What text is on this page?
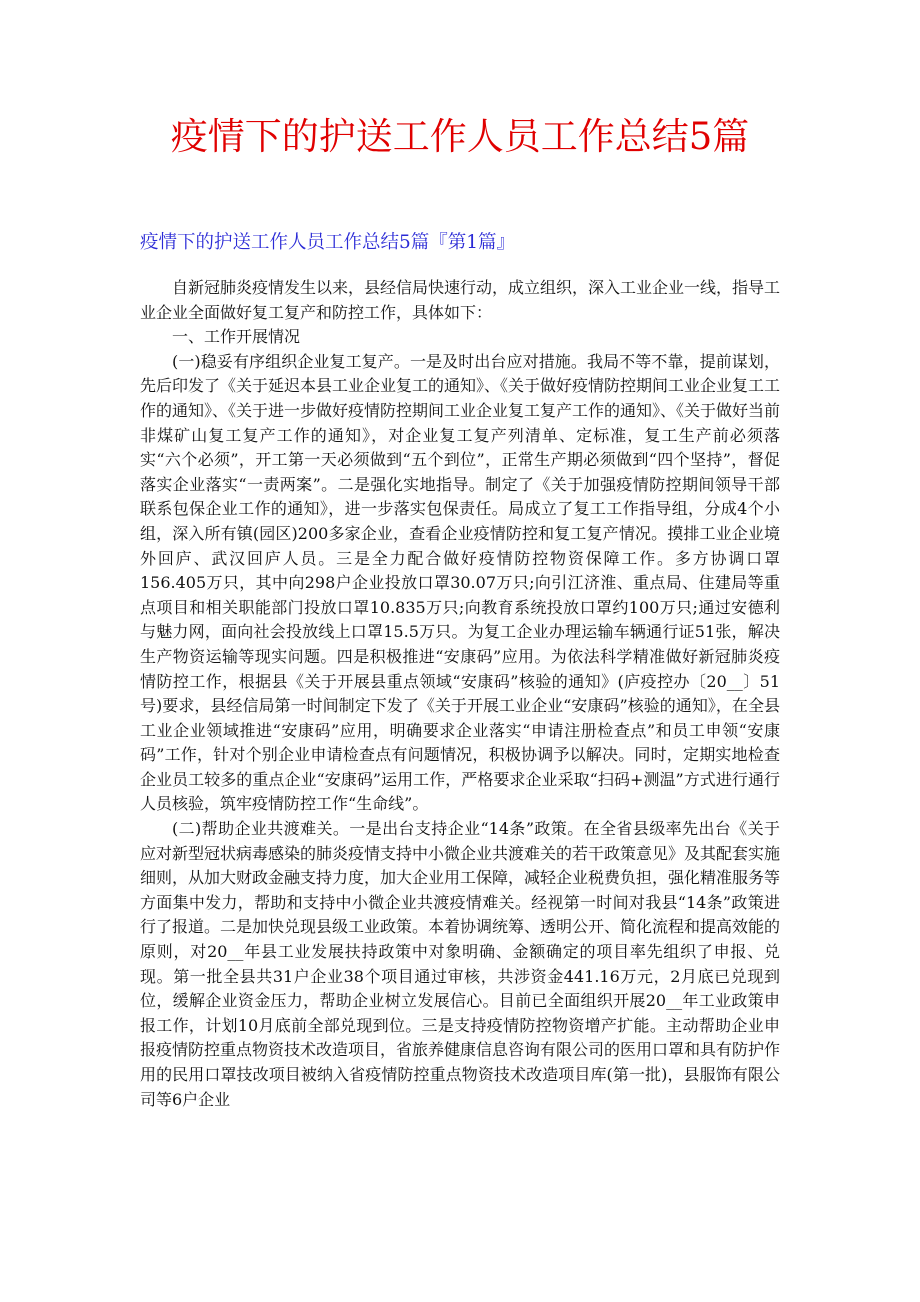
疫情下的护送工作人员工作总结5篇
疫情下的护送工作人员工作总结5篇『第1篇』

自新冠肺炎疫情发生以来，县经信局快速行动，成立组织，深入工业企业一线，指导工业企业全面做好复工复产和防控工作，具体如下：

一、工作开展情况

(一)稳妥有序组织企业复工复产。一是及时出台应对措施。我局不等不靠，提前谋划，先后印发了《关于延迟本县工业企业复工的通知》、《关于做好疫情防控期间工业企业复工工作的通知》、《关于进一步做好疫情防控期间工业企业复工复产工作的通知》、《关于做好当前非煤矿山复工复产工作的通知》，对企业复工复产列清单、定标准，复工生产前必须落实“六个必须”，开工第一天必须做到“五个到位”，正常生产期必须做到“四个坚持”，督促落实企业落实“一责两案”。二是强化实地指导。制定了《关于加强疫情防控期间领导干部联系包保企业工作的通知》，进一步落实包保责任。局成立了复工工作指导组，分成4个小组，深入所有镇(园区)200多家企业，查看企业疫情防控和复工复产情况。摸排工业企业境外回庐、武汉回庐人员。三是全力配合做好疫情防控物资保障工作。多方协调口罩156.405万只，其中向298户企业投放口罩30.07万只;向引江济淮、重点局、住建局等重点项目和相关职能部门投放口罩10.835万只;向教育系统投放口罩约100万只;通过安德利与魅力网，面向社会投放线上口罩15.5万只。为复工企业办理运输车辆通行证51张，解决生产物资运输等现实问题。四是积极推进“安康码”应用。为依法科学精准做好新冠肺炎疫情防控工作，根据县《关于开展县重点领域“安康码”核验的通知》(庐疫控办〔20__〕51号)要求，县经信局第一时间制定下发了《关于开展工业企业“安康码”核验的通知》，在全县工业企业领域推进“安康码”应用，明确要求企业落实“申请注册检查点”和员工申领“安康码”工作，针对个别企业申请检查点有问题情况，积极协调予以解决。同时，定期实地检查企业员工较多的重点企业“安康码”运用工作，严格要求企业采取“扫码+测温”方式进行通行人员核验，筑牢疫情防控工作“生命线”。

(二)帮助企业共渡难关。一是出台支持企业“14条”政策。在全省县级率先出台《关于应对新型冠状病毒感染的肺炎疫情支持中小微企业共渡难关的若干政策意见》及其配套实施细则，从加大财政金融支持力度，加大企业用工保障，减轻企业税费负担，强化精准服务等方面集中发力，帮助和支持中小微企业共渡疫情难关。经视第一时间对我县“14条”政策进行了报道。二是加快兑现县级工业政策。本着协调统筹、透明公开、简化流程和提高效能的原则，对20__年县工业发展扶持政策中对象明确、金额确定的项目率先组织了申报、兑现。第一批全县共31户企业38个项目通过审核，共涉资金441.16万元，2月底已兑现到位，缓解企业资金压力，帮助企业树立发展信心。目前已全面组织开展20__年工业政策申报工作，计划10月底前全部兑现到位。三是支持疫情防控物资增产扩能。主动帮助企业申报疫情防控重点物资技术改造项目，省旅养健康信息咨询有限公司的医用口罩和具有防护作用的民用口罩技改项目被纳入省疫情防控重点物资技术改造项目库(第一批)，县服饰有限公司等6户企业
